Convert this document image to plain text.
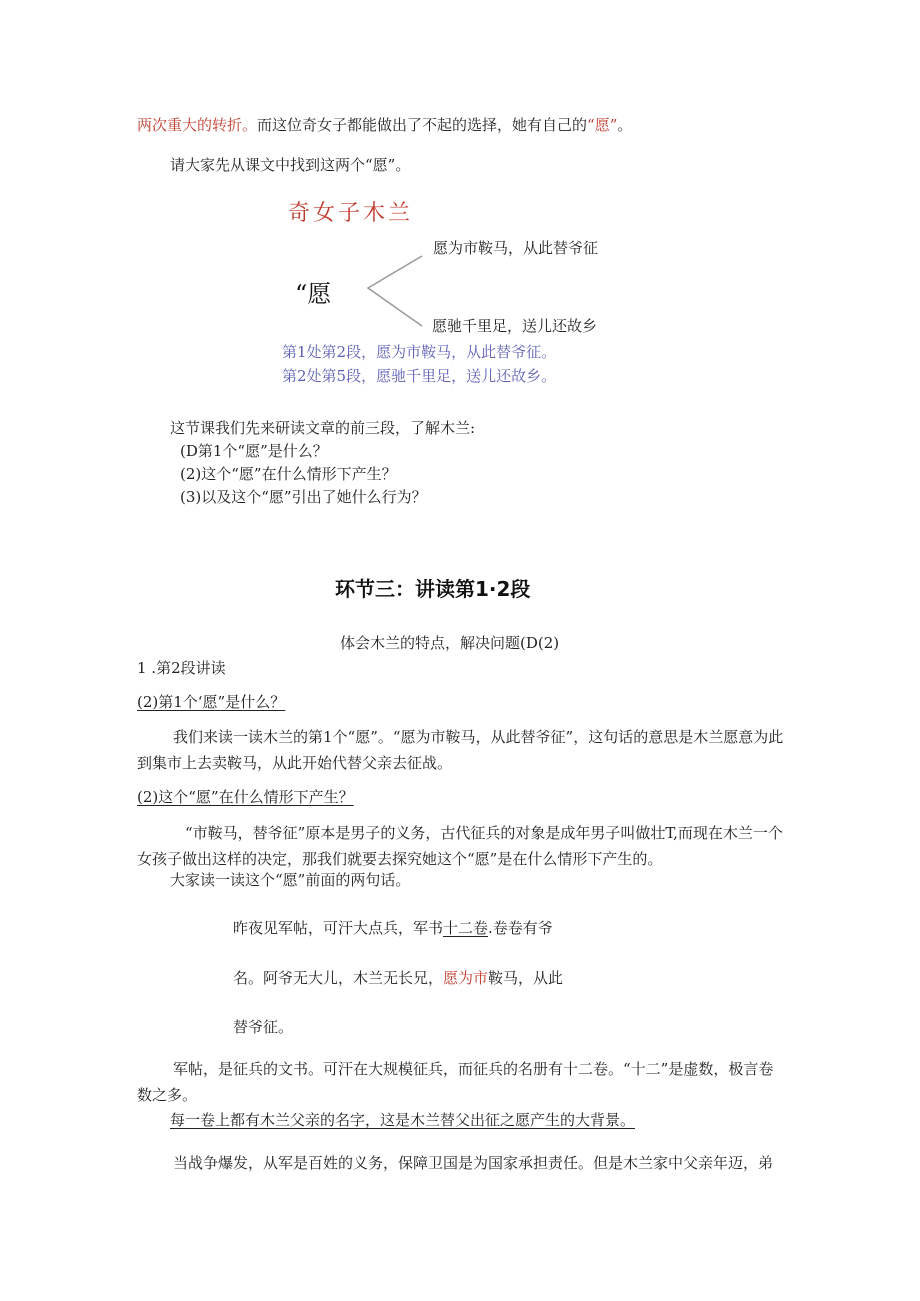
两次重大的转折。而这位奇女子都能做出了不起的选择，她有自己的“愿”。
请大家先从课文中找到这两个“愿”。
奇女子木兰
愿为市鞍马，从此替爷征
“愿
愿驰千里足，送儿还故乡
第1处第2段，愿为市鞍马，从此替爷征。
第2处第5段，愿驰千里足，送儿还故乡。
这节课我们先来研读文章的前三段，了解木兰:
(D第1个“愿”是什么？
(2)这个“愿”在什么情形下产生？
(3)以及这个“愿”引出了她什么行为？
环节三：讲读第1·2段
体会木兰的特点，解决问题(D(2)
1 .第2段讲读
(2)第1个‘愿”是什么？
我们来读一读木兰的第1个“愿”。“愿为市鞍马，从此替爷征”，这句话的意思是木兰愿意为此到集市上去卖鞍马，从此开始代替父亲去征战。
(2)这个“愿”在什么情形下产生？
“市鞍马，替爷征”原本是男子的义务，古代征兵的对象是成年男子叫做壮T,而现在木兰一个女孩子做出这样的决定，那我们就要去探究她这个“愿”是在什么情形下产生的。
大家读一读这个“愿”前面的两句话。
昨夜见军帖，可汗大点兵，军书十二卷.卷卷有爷
名。阿爷无大儿，木兰无长兄，愿为市鞍马，从此
替爷征。
军帖，是征兵的文书。可汗在大规模征兵，而征兵的名册有十二卷。“十二”是虚数，极言卷数之多。
每一卷上都有木兰父亲的名字，这是木兰替父出征之愿产生的大背景。
当战争爆发，从军是百姓的义务，保障卫国是为国家承担责任。但是木兰家中父亲年迈，弟
